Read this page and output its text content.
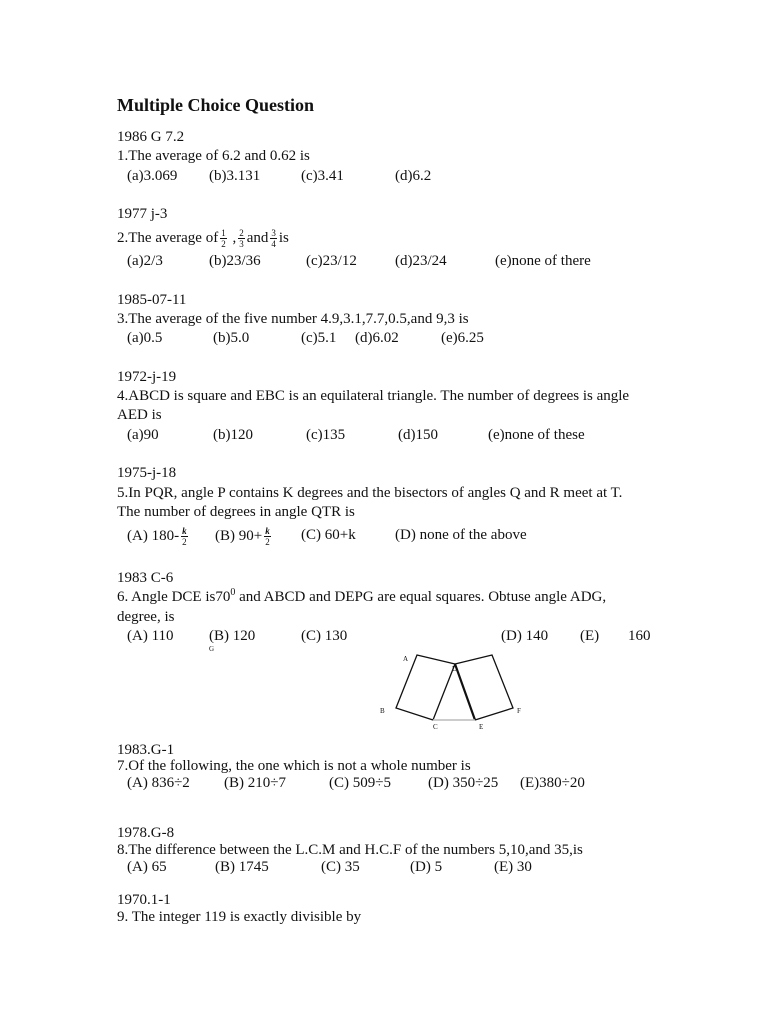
Multiple Choice Question
1986 G 7.2
1.The average of 6.2 and 0.62 is
(a)3.069 (b)3.131	(c)3.41	(d)6.2
1977 j-3
2.The average of $\frac{1}{2}$ , $\frac{2}{3}$ and $\frac{3}{4}$ is
(a)2/3	(b)23/36	(c)23/12	(d)23/24	(e)none of there
1985-07-11
3.The average of the five number 4.9,3.1,7.7,0.5,and 9,3 is
(a)0.5	(b)5.0	(c)5.1 (d)6.02	(e)6.25
1972-j-19
4.ABCD is square and EBC is an equilateral triangle. The number of degrees is angle
AED is
(a)90	(b)120	(c)135	(d)150	(e)none of these
1975-j-18
5.In PQR, angle P contains K degrees and the bisectors of angles Q and R meet at T.
The number of degrees in angle QTR is
(A) $180- \frac{k}{2} (B)$ $90+ \frac{k}{2} (C)$ 60+k	(D) none of the above
1983 C-6
6. Angle DCE $is70^0$ and ABCD and DEPG are equal squares. Obtuse angle ADG,
degree, is
(A) 110 (B) 120	(C) 130	(D) 140 (E) 160
G
A
D
B
C	E
F
1983.G-1
7.Of the following, the one which is not a whole number is
(A) 836÷2 (B) 210÷7	(C) 509÷5 (D) 350÷25 (E)380÷20
1978.G-8
8.The difference between the L.C.M and H.C.F of the numbers 5,10,and 35,is
(A) 65	(B) 1745	(C) 35	(D) 5	(E) 30
1970.1-1
9. The integer 119 is exactly divisible by
